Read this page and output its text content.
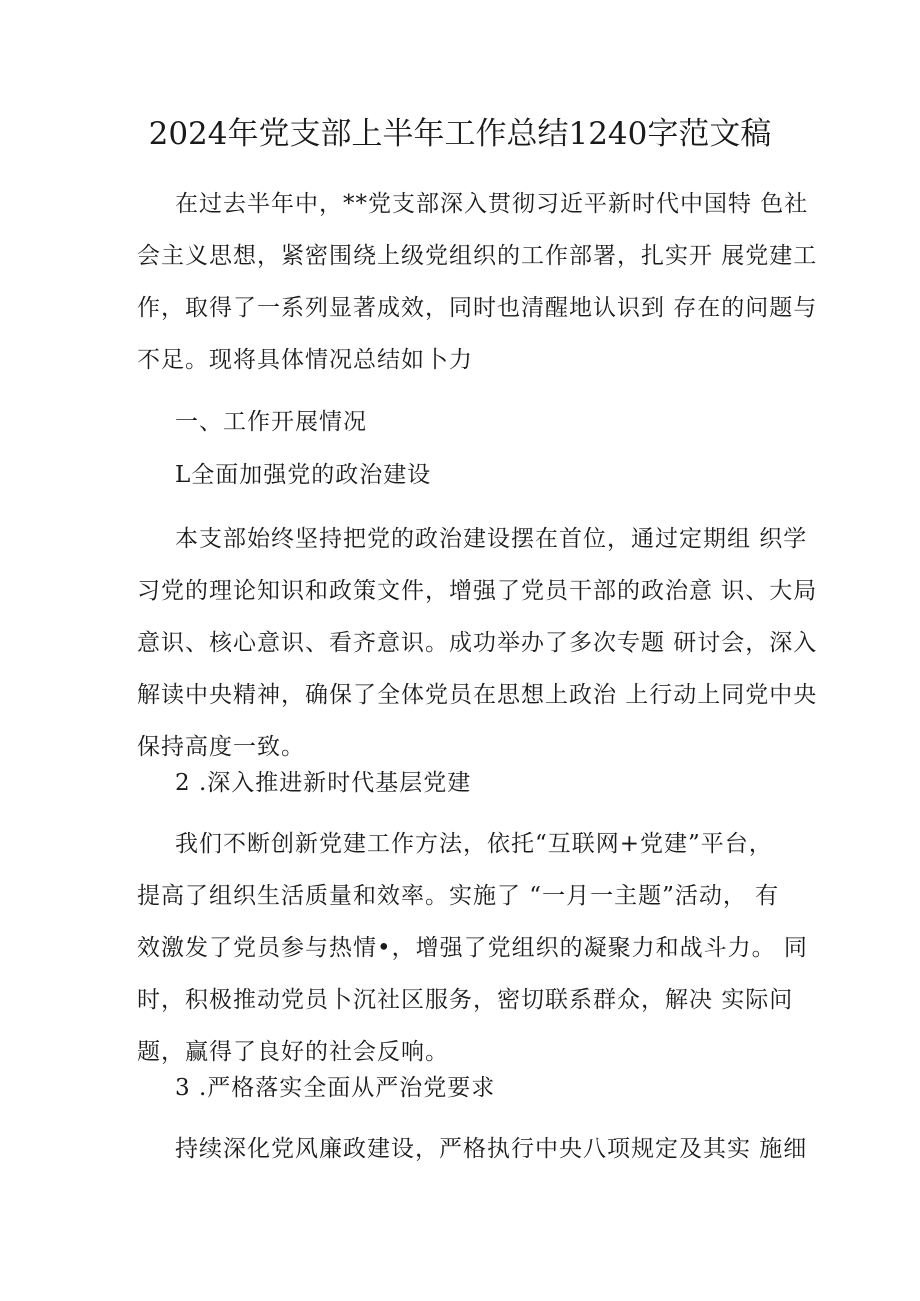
2024年党支部上半年工作总结1240字范文稿
在过去半年中，**党支部深入贯彻习近平新时代中国特 色社
会主义思想，紧密围绕上级党组织的工作部署，扎实开 展党建工
作，取得了一系列显著成效，同时也清醒地认识到 存在的问题与
不足。现将具体情况总结如卜力
一、工作开展情况
L全面加强党的政治建设
本支部始终坚持把党的政治建设摆在首位，通过定期组 织学
习党的理论知识和政策文件，增强了党员干部的政治意 识、大局
意识、核心意识、看齐意识。成功举办了多次专题 研讨会，深入
解读中央精神，确保了全体党员在思想上政治 上行动上同党中央
保持高度一致。
2 .深入推进新时代基层党建
我们不断创新党建工作方法，依托“互联网+党建”平台，
提高了组织生活质量和效率。实施了 “一月一主题”活动， 有
效激发了党员参与热情•，增强了党组织的凝聚力和战斗力。 同
时，积极推动党员卜沉社区服务，密切联系群众，解决 实际问
题，赢得了良好的社会反响。
3 .严格落实全面从严治党要求
持续深化党风廉政建设，严格执行中央八项规定及其实 施细
